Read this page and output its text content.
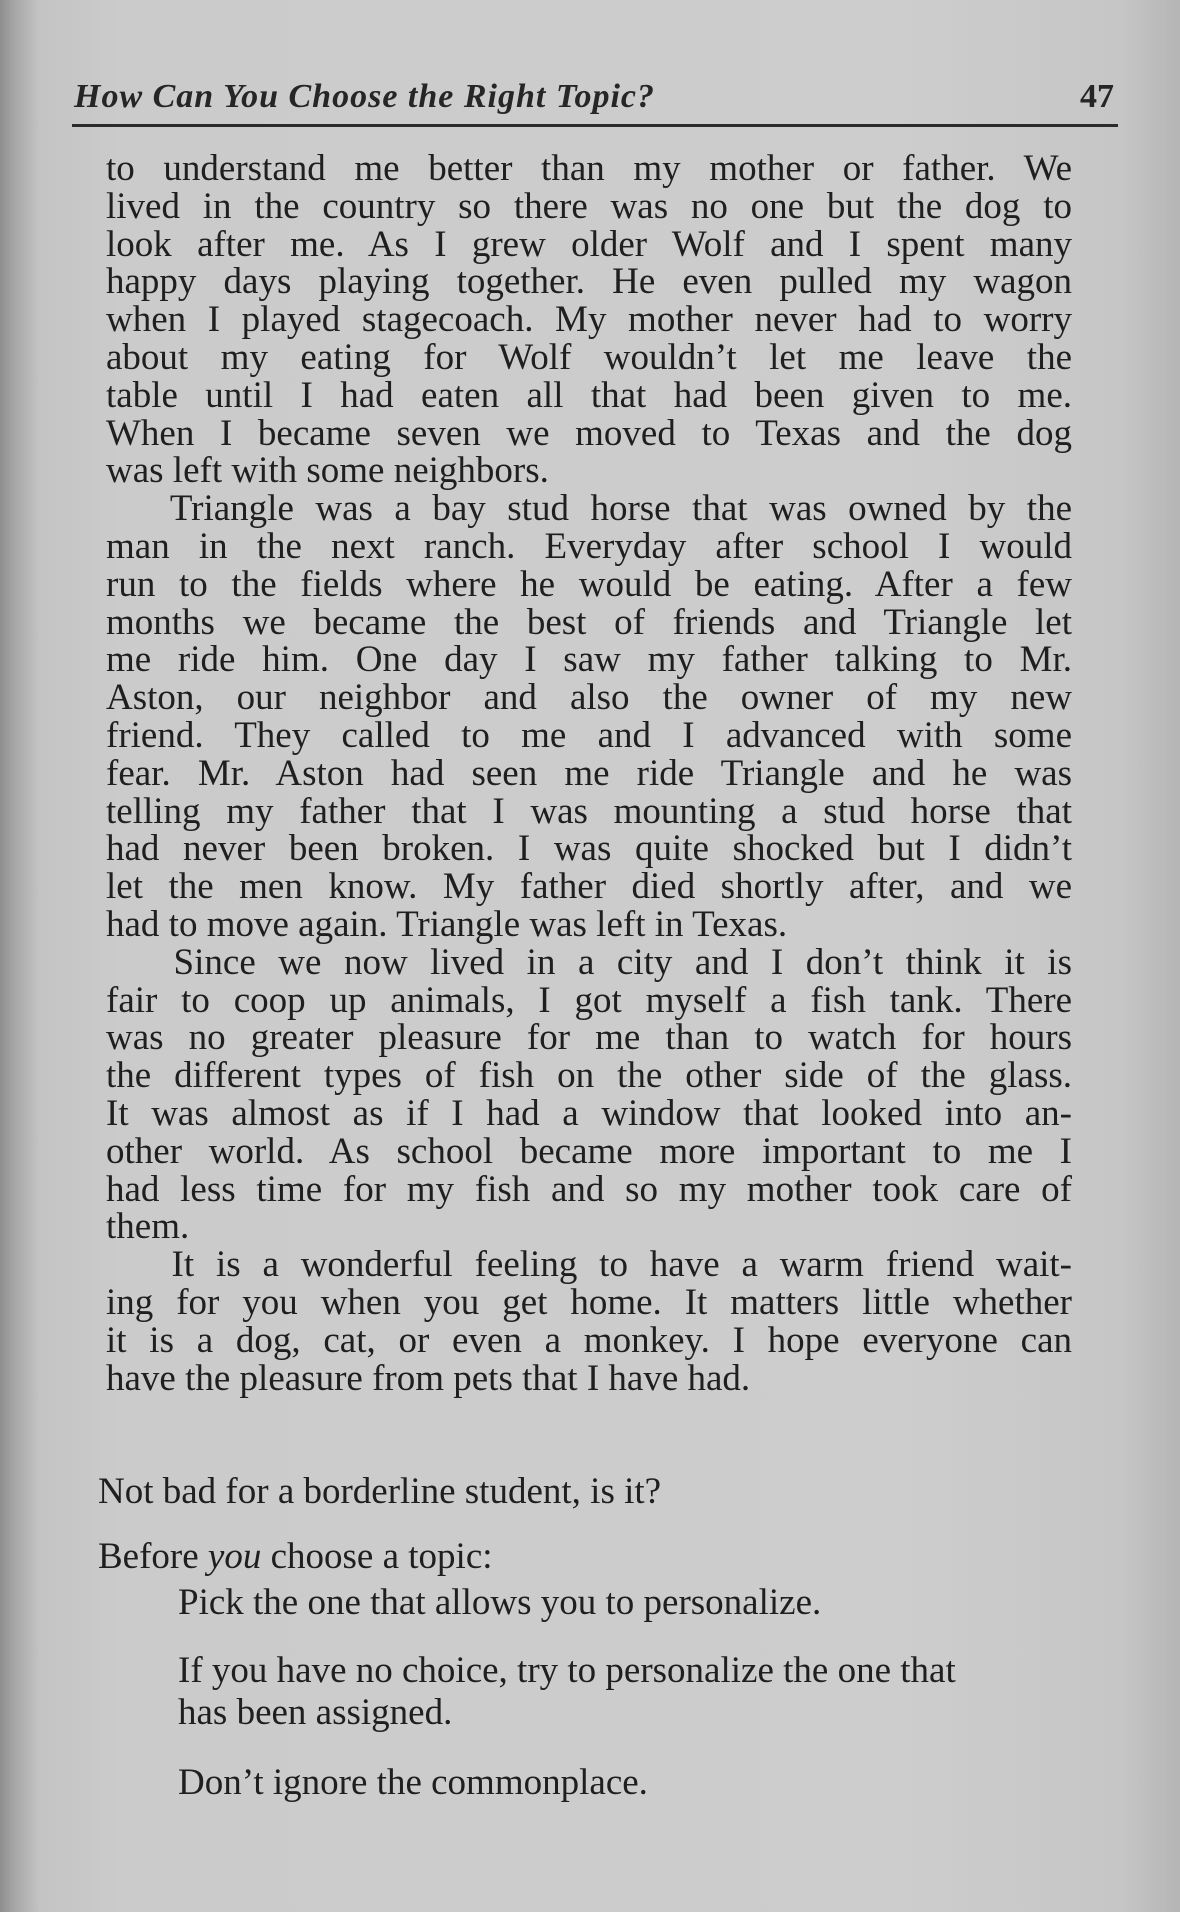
How Can You Choose the Right Topic?	47
to understand me better than my mother or father. We
lived in the country so there was no one but the dog to
look after me. As I grew older Wolf and I spent many
happy days playing together. He even pulled my wagon
when I played stagecoach. My mother never had to worry
about my eating for Wolf wouldn’t let me leave the
table until I had eaten all that had been given to me.
When I became seven we moved to Texas and the dog
was left with some neighbors.
Triangle was a bay stud horse that was owned by the
man in the next ranch. Everyday after school I would
run to the fields where he would be eating. After a few
months we became the best of friends and Triangle let
me ride him. One day I saw my father talking to Mr.
Aston, our neighbor and also the owner of my new
friend. They called to me and I advanced with some
fear. Mr. Aston had seen me ride Triangle and he was
telling my father that I was mounting a stud horse that
had never been broken. I was quite shocked but I didn’t
let the men know. My father died shortly after, and we
had to move again. Triangle was left in Texas.
Since we now lived in a city and I don’t think it is
fair to coop up animals, I got myself a fish tank. There
was no greater pleasure for me than to watch for hours
the different types of fish on the other side of the glass.
It was almost as if I had a window that looked into an-
other world. As school became more important to me I
had less time for my fish and so my mother took care of
them.
It is a wonderful feeling to have a warm friend wait-
ing for you when you get home. It matters little whether
it is a dog, cat, or even a monkey. I hope everyone can
have the pleasure from pets that I have had.
Not bad for a borderline student, is it?
Before you choose a topic:
Pick the one that allows you to personalize.
If you have no choice, try to personalize the one that has been assigned.
Don’t ignore the commonplace.
